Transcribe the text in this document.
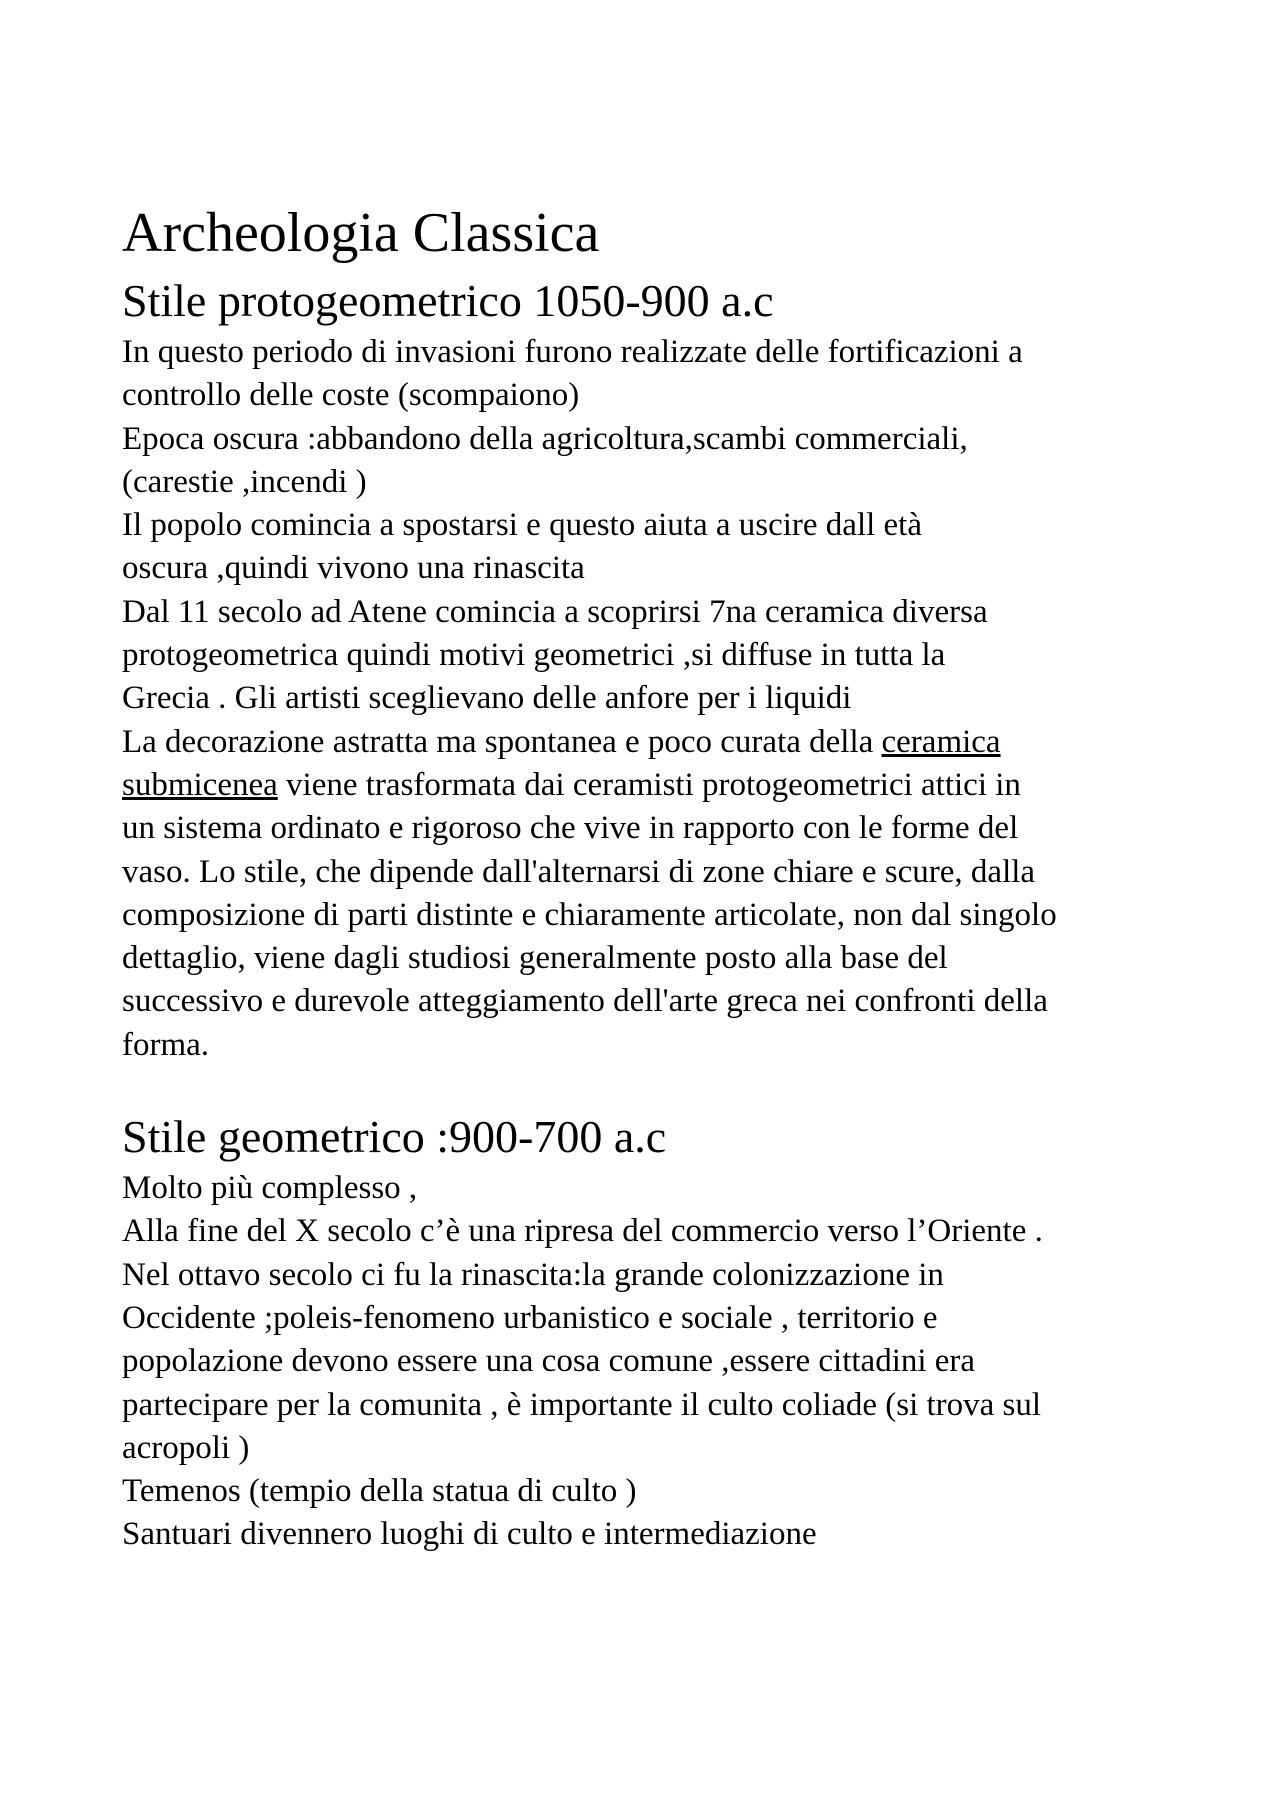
Archeologia Classica
Stile protogeometrico 1050-900 a.c
In questo periodo di invasioni furono realizzate delle fortificazioni a
controllo delle coste (scompaiono)
Epoca oscura :abbandono della agricoltura,scambi commerciali,
(carestie ,incendi )
Il popolo comincia a spostarsi e questo aiuta a uscire dall età
oscura ,quindi vivono una rinascita
Dal 11 secolo ad Atene comincia a scoprirsi 7na ceramica diversa
protogeometrica quindi motivi geometrici ,si diffuse in tutta la
Grecia . Gli artisti sceglievano delle anfore per i liquidi
La decorazione astratta ma spontanea e poco curata della ceramica
submicenea viene trasformata dai ceramisti protogeometrici attici in
un sistema ordinato e rigoroso che vive in rapporto con le forme del
vaso. Lo stile, che dipende dall'alternarsi di zone chiare e scure, dalla
composizione di parti distinte e chiaramente articolate, non dal singolo
dettaglio, viene dagli studiosi generalmente posto alla base del
successivo e durevole atteggiamento dell'arte greca nei confronti della
forma.
Stile geometrico :900-700 a.c
Molto più complesso ,
Alla fine del X secolo c’è una ripresa del commercio verso l’Oriente .
Nel ottavo secolo ci fu la rinascita:la grande colonizzazione in
Occidente ;poleis-fenomeno urbanistico e sociale , territorio e
popolazione devono essere una cosa comune ,essere cittadini era
partecipare per la comunita , è importante il culto coliade (si trova sul
acropoli )
Temenos (tempio della statua di culto )
Santuari divennero luoghi di culto e intermediazione
